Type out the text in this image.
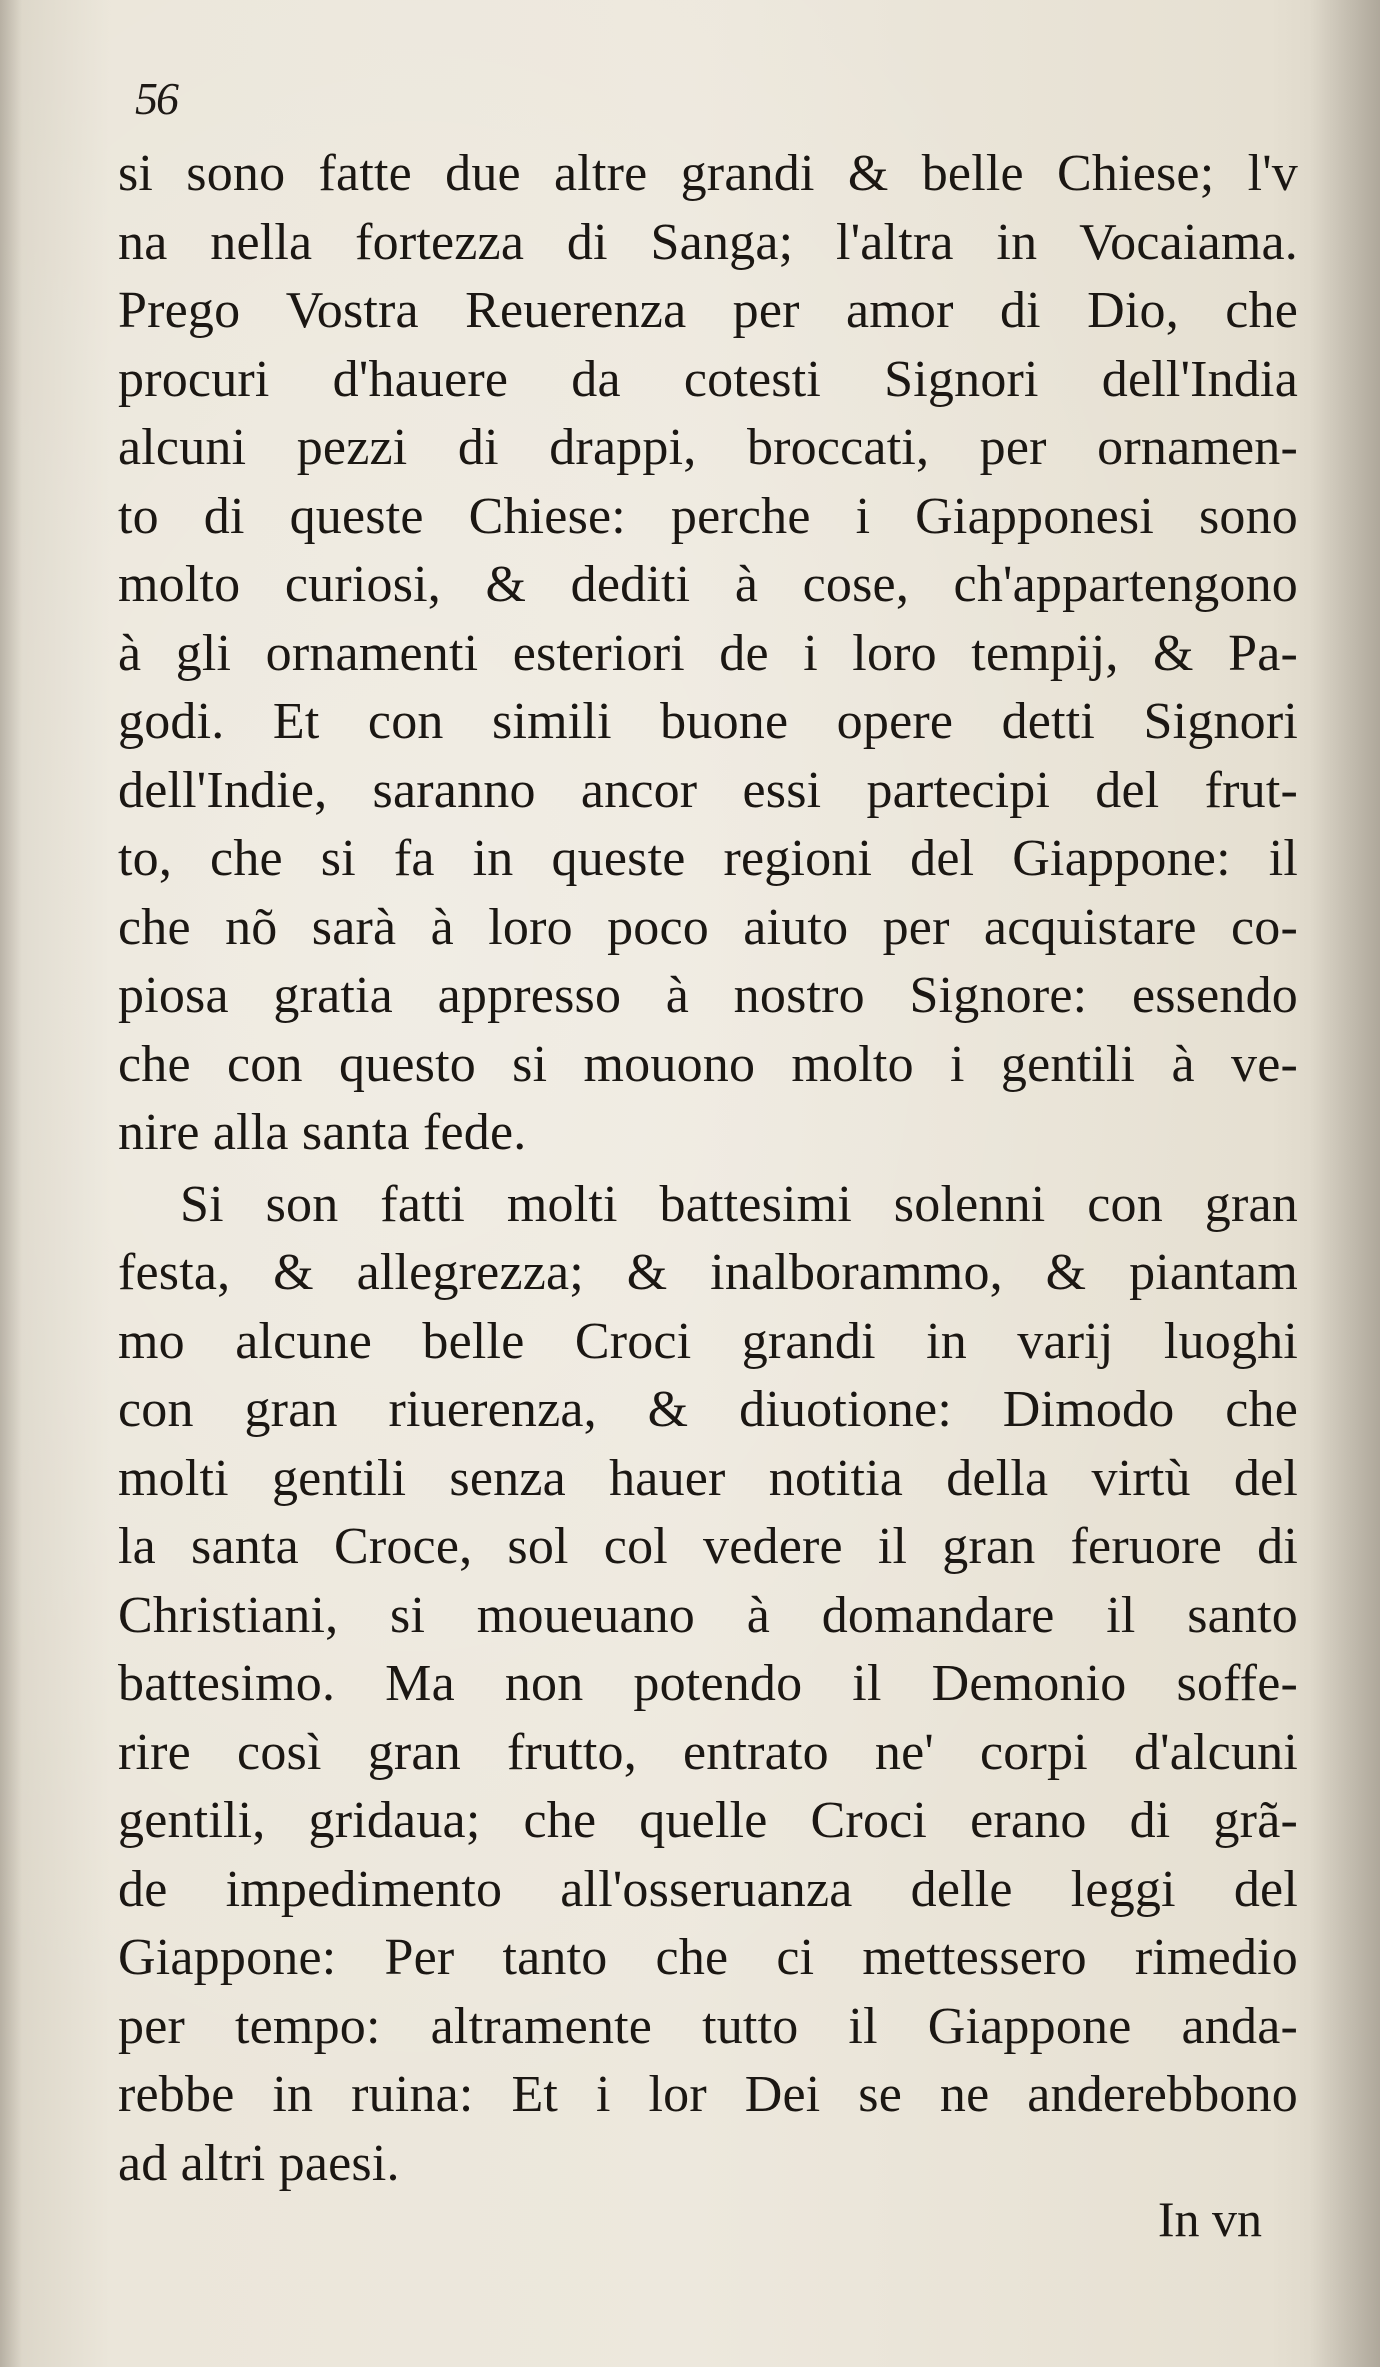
56
si sono fatte due altre grandi & belle Chiese; l'v
na nella fortezza di Sanga; l'altra in Vocaiama.
Prego Vostra Reuerenza per amor di Dio, che
procuri d'hauere da cotesti Signori dell'India
alcuni pezzi di drappi, broccati, per ornamen-
to di queste Chiese: perche i Giapponesi sono
molto curiosi, & dediti à cose, ch'appartengono
à gli ornamenti esteriori de i loro tempij, & Pa-
godi. Et con simili buone opere detti Signori
dell'Indie, saranno ancor essi partecipi del frut-
to, che si fa in queste regioni del Giappone: il
che nõ sarà à loro poco aiuto per acquistare co-
piosa gratia appresso à nostro Signore: essendo
che con questo si mouono molto i gentili à ve-
nire alla santa fede.
Si son fatti molti battesimi solenni con gran
festa, & allegrezza; & inalborammo, & piantam
mo alcune belle Croci grandi in varij luoghi
con gran riuerenza, & diuotione: Dimodo che
molti gentili senza hauer notitia della virtù del
la santa Croce, sol col vedere il gran feruore di
Christiani, si moueuano à domandare il santo
battesimo. Ma non potendo il Demonio soffe-
rire così gran frutto, entrato ne' corpi d'alcuni
gentili, gridaua; che quelle Croci erano di grã-
de impedimento all'osseruanza delle leggi del
Giappone: Per tanto che ci mettessero rimedio
per tempo: altramente tutto il Giappone anda-
rebbe in ruina: Et i lor Dei se ne anderebbono
ad altri paesi.
In vn
